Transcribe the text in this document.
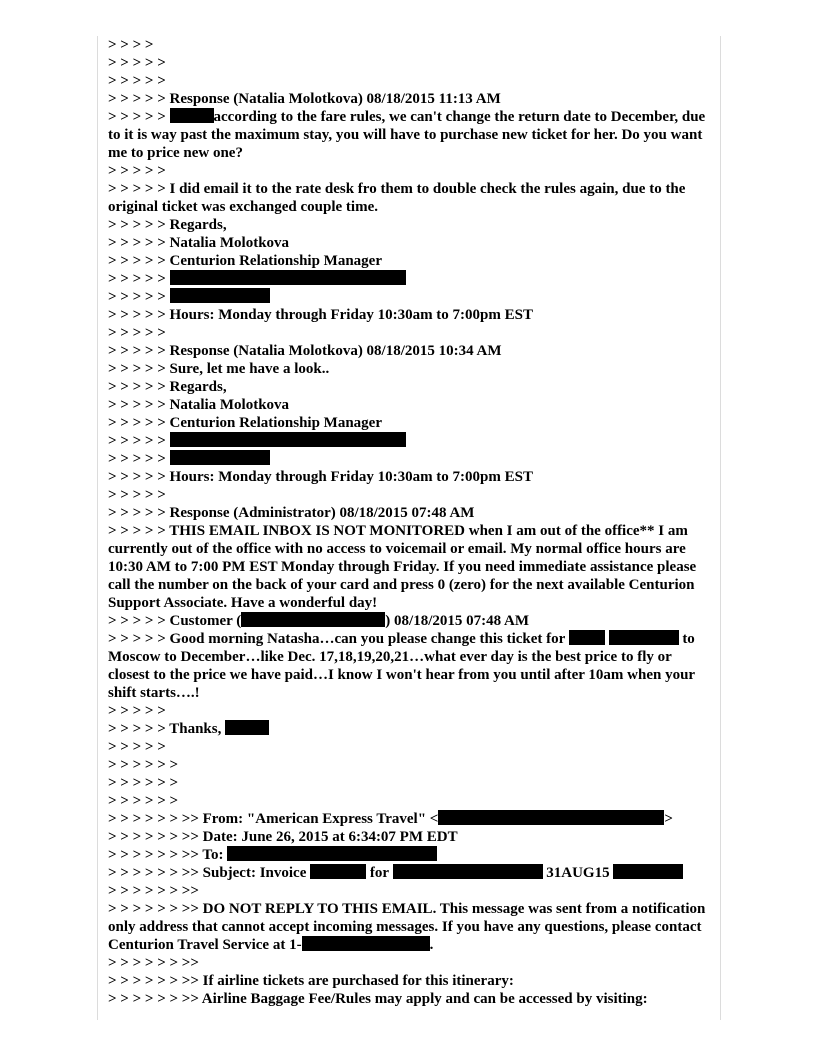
> > > >

> > > > >

> > > > >

> > > > > Response (Natalia Molotkova) 08/18/2015 11:13 AM

> > > > >	according to the fare rules, we can't change the return date to December, due to it is way past the maximum stay, you will have to purchase new ticket for her. Do you want me to price new one?

> > > > >

> > > > > I did email it to the rate desk fro them to double check the rules again, due to the original ticket was exchanged couple time.

> > > > > Regards,

> > > > > Natalia Molotkova

> > > > > Centurion Relationship Manager

> > > > >

> > > > >

> > > > > Hours: Monday through Friday 10:30am to 7:00pm EST

> > > > >

> > > > > Response (Natalia Molotkova) 08/18/2015 10:34 AM

> > > > > Sure, let me have a look..

> > > > > Regards,

> > > > > Natalia Molotkova

> > > > > Centurion Relationship Manager

> > > > >

> > > > >

> > > > > Hours: Monday through Friday 10:30am to 7:00pm EST

> > > > >

> > > > > Response (Administrator) 08/18/2015 07:48 AM

> > > > > THIS EMAIL INBOX IS NOT MONITORED when I am out of the office** I am currently out of the office with no access to voicemail or email. My normal office hours are 10:30 AM to 7:00 PM EST Monday through Friday. If you need immediate assistance please call the number on the back of your card and press 0 (zero) for the next available Centurion Support Associate. Have a wonderful day!

> > > > > Customer (	) 08/18/2015 07:48 AM

> > > > > Good morning Natasha…can you please change this ticket for	to Moscow to December…like Dec. 17,18,19,20,21…what ever day is the best price to fly or closest to the price we have paid…I know I won't hear from you until after 10am when your shift starts….!

> > > > >

> > > > > Thanks,

> > > > >

> > > > > >

> > > > > >

> > > > > >

> > > > > > >> From: "American Express Travel" <	>

> > > > > > >> Date: June 26, 2015 at 6:34:07 PM EDT

> > > > > > >> To:

> > > > > > >> Subject: Invoice	for	31AUG15

> > > > > > >>

> > > > > > >> DO NOT REPLY TO THIS EMAIL. This message was sent from a notification only address that cannot accept incoming messages. If you have any questions, please contact Centurion Travel Service at 1-	.

> > > > > > >>

> > > > > > >> If airline tickets are purchased for this itinerary:

> > > > > > >> Airline Baggage Fee/Rules may apply and can be accessed by visiting:
